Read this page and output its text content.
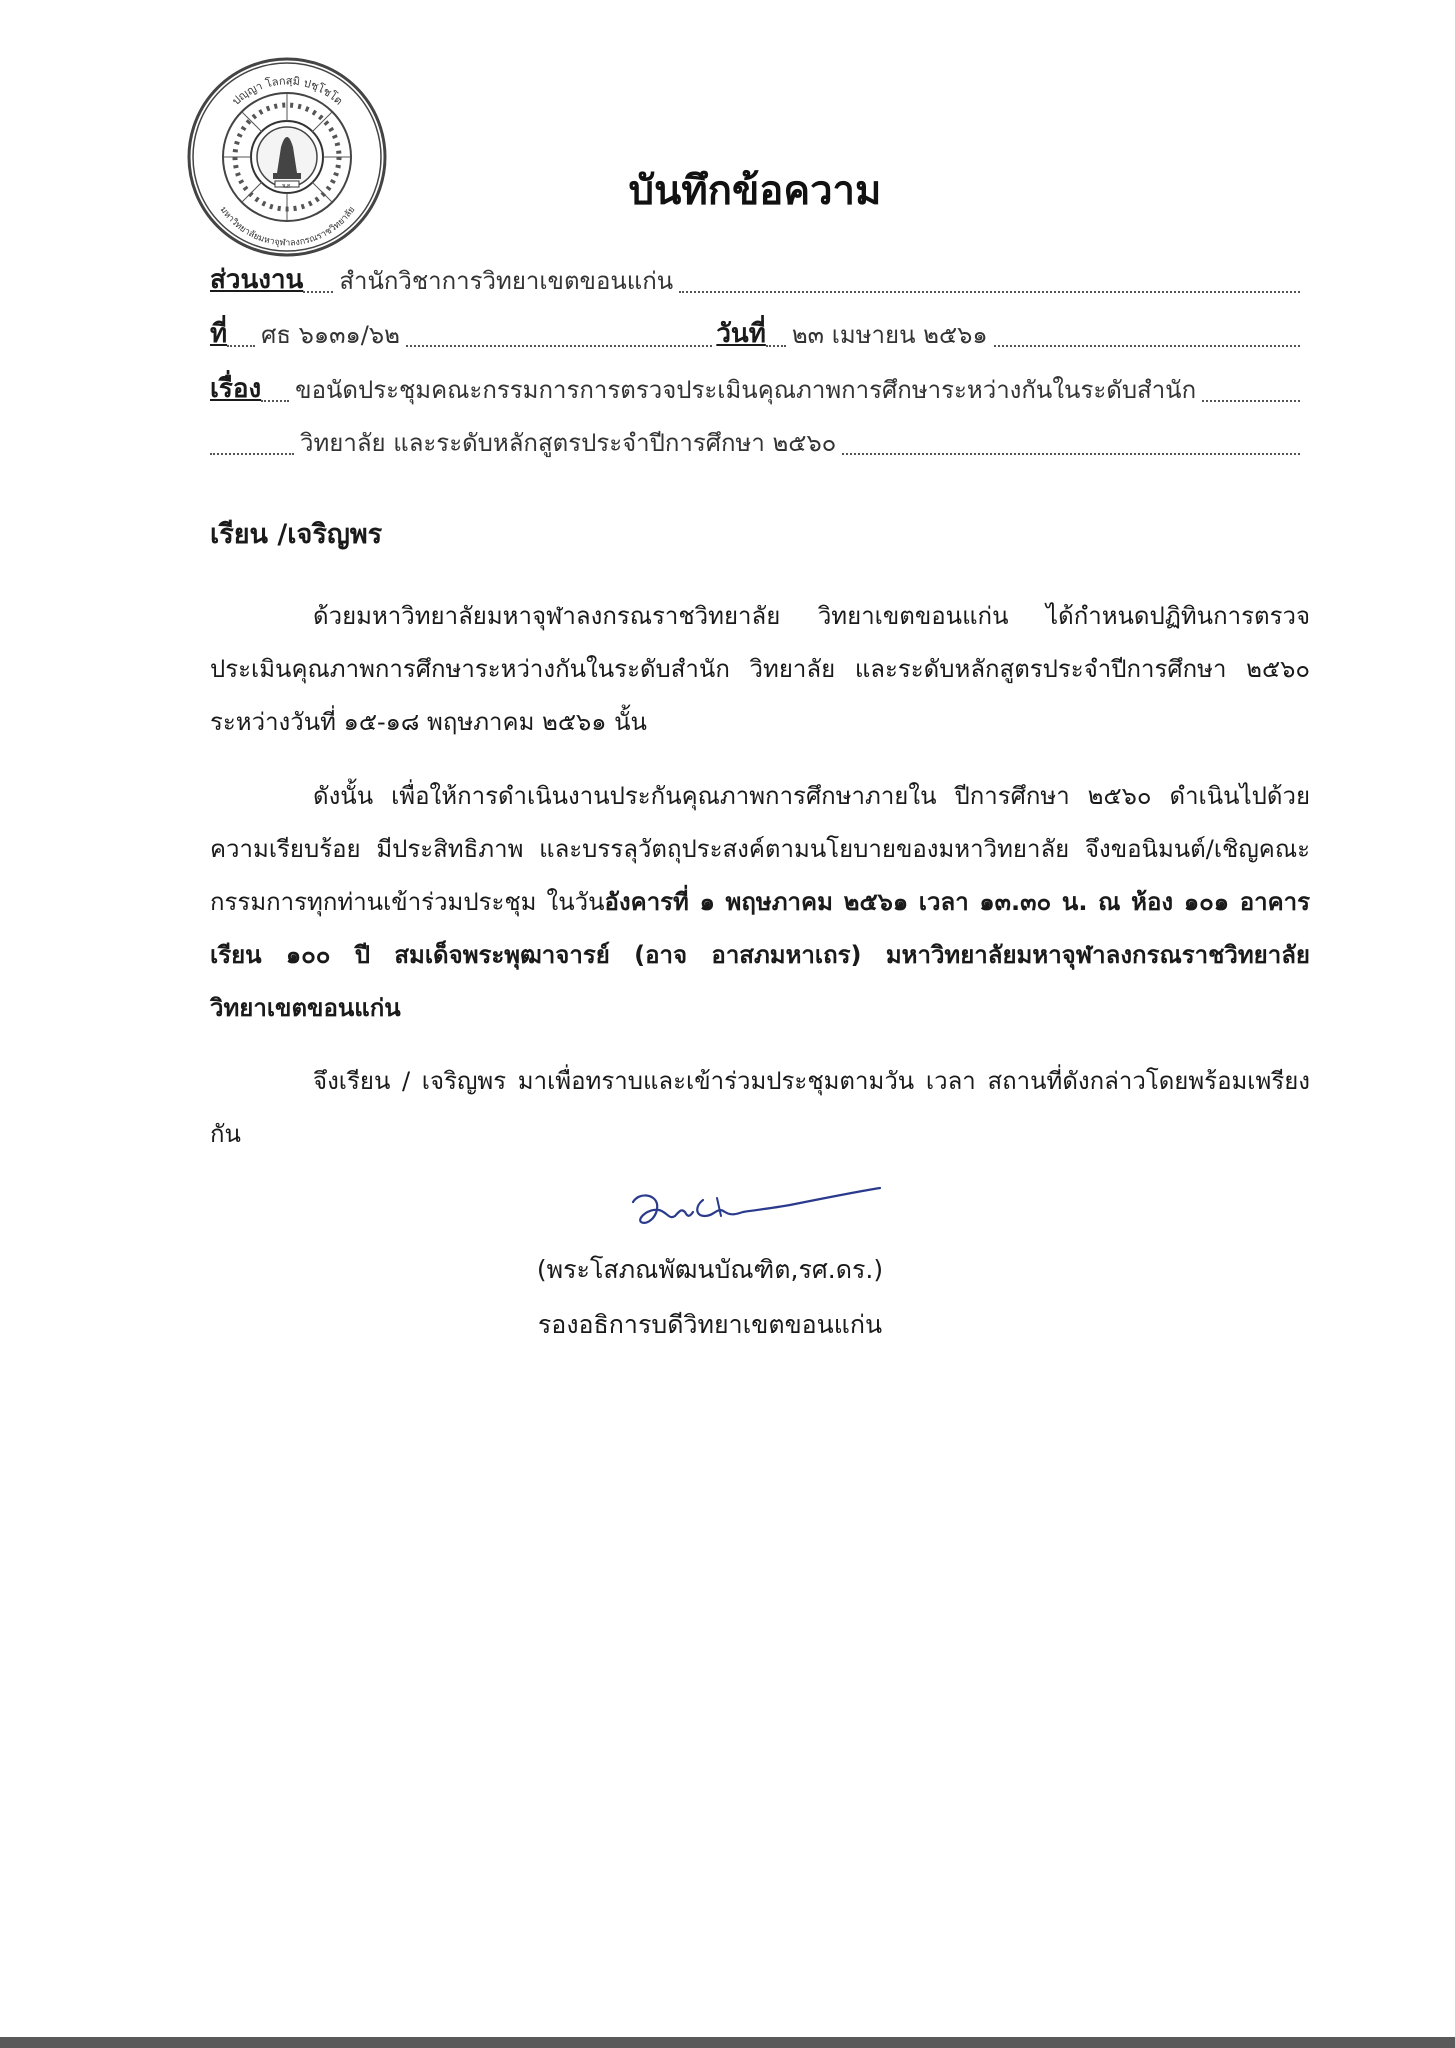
ปญฺญา โลกสฺมิ ปชฺโชโต
มหาวิทยาลัยมหาจุฬาลงกรณราชวิทยาลัย
พ.ศ.	บันทึกข้อความ
ส่วนงาน สำนักวิชาการวิทยาเขตขอนแก่น
ที่ ศธ ๖๑๓๑/๖๒	วันที่ ๒๓ เมษายน ๒๕๖๑
เรื่อง ขอนัดประชุมคณะกรรมการการตรวจประเมินคุณภาพการศึกษาระหว่างกันในระดับสำนัก
วิทยาลัย และระดับหลักสูตรประจำปีการศึกษา ๒๕๖๐
เรียน /เจริญพร

ด้วยมหาวิทยาลัยมหาจุฬาลงกรณราชวิทยาลัย วิทยาเขตขอนแก่น ได้กำหนดปฏิทินการตรวจประเมินคุณภาพการศึกษาระหว่างกันในระดับสำนัก วิทยาลัย และระดับหลักสูตรประจำปีการศึกษา ๒๕๖๐ ระหว่างวันที่ ๑๕-๑๘ พฤษภาคม ๒๕๖๑ นั้น

ดังนั้น เพื่อให้การดำเนินงานประกันคุณภาพการศึกษาภายใน ปีการศึกษา ๒๕๖๐ ดำเนินไปด้วยความเรียบร้อย มีประสิทธิภาพ และบรรลุวัตถุประสงค์ตามนโยบายของมหาวิทยาลัย จึงขอนิมนต์/เชิญคณะกรรมการทุกท่านเข้าร่วมประชุม ในวันอังคารที่ ๑ พฤษภาคม ๒๕๖๑ เวลา ๑๓.๓๐ น. ณ ห้อง ๑๐๑ อาคารเรียน ๑๐๐ ปี สมเด็จพระพุฒาจารย์ (อาจ อาสภมหาเถร) มหาวิทยาลัยมหาจุฬาลงกรณราชวิทยาลัย วิทยาเขตขอนแก่น

จึงเรียน / เจริญพร มาเพื่อทราบและเข้าร่วมประชุมตามวัน เวลา สถานที่ดังกล่าวโดยพร้อมเพรียงกัน

(พระโสภณพัฒนบัณฑิต,รศ.ดร.)
รองอธิการบดีวิทยาเขตขอนแก่น
